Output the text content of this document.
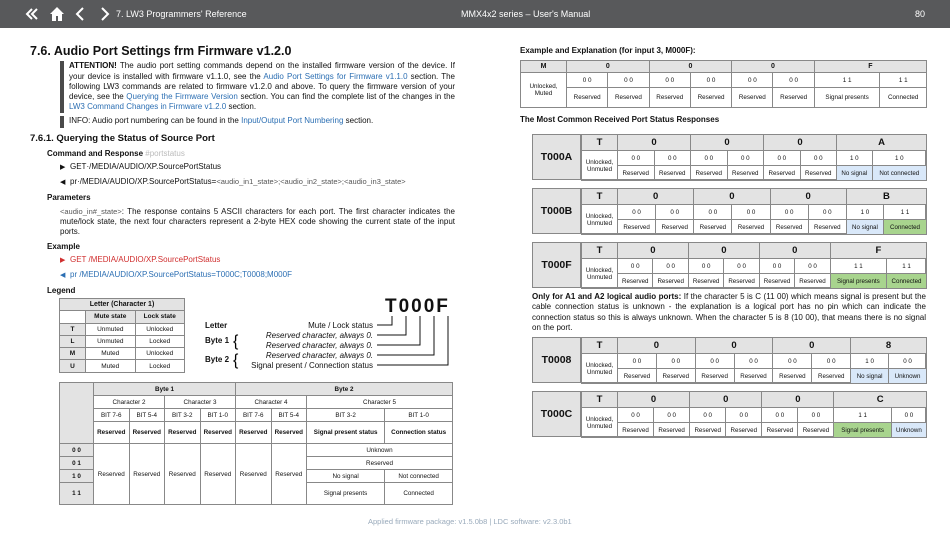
7. LW3 Programmers' Reference	MMX4x2 series – User's Manual	80
7.6. Audio Port Settings frm Firmware v1.2.0
ATTENTION! The audio port setting commands depend on the installed firmware version of the device. If your device is installed with firmware v1.1.0, see the Audio Port Settings for Firmware v1.1.0 section. The following LW3 commands are related to firmware v1.2.0 and above. To query the firmware version of your device, see the Querying the Firmware Version section. You can find the complete list of the changes in the LW3 Command Changes in Firmware v1.2.0 section.
INFO: Audio port numbering can be found in the Input/Output Port Numbering section.
7.6.1. Querying the Status of Source Port
Command and Response #portstatus
▶ GET·/MEDIA/AUDIO/XP.SourcePortStatus
◀ pr·/MEDIA/AUDIO/XP.SourcePortStatus=<audio_in1_state>;<audio_in2_state>;<audio_in3_state>
Parameters
<audio_in#_state>: The response contains 5 ASCII characters for each port. The first character indicates the mute/lock state, the next four characters represent a 2-byte HEX code showing the current state of the input ports.
Example
▶ GET /MEDIA/AUDIO/XP.SourcePortStatus
◀ pr /MEDIA/AUDIO/XP.SourcePortStatus=T000C;T0008;M000F
Legend
Letter (Character 1)		
	Mute state	Lock state
T	Unmuted	Unlocked
L	Unmuted	Locked
M	Muted	Unlocked
U	Muted	Locked
T000F
Letter
Byte 1
Byte 2
Mute / Lock status
Reserved character, always 0.
Reserved character, always 0.
Reserved character, always 0.
Signal present / Connection status
{
{
	Byte 1				Byte 2			
	Character 2		Character 3		Character 4		Character 5	
	BIT 7-6	BIT 5-4	BIT 3-2	BIT 1-0	BIT 7-6	BIT 5-4	BIT 3-2	BIT 1-0
	Reserved	Reserved	Reserved	Reserved	Reserved	Reserved	Signal present status	Connection status
0 0	Reserved	Reserved	Reserved	Reserved	Reserved	Reserved	Unknown	
0 1							Reserved	
1 0							No signal	Not connected
1 1							Signal presents	Connected
Example and Explanation (for input 3, M000F):
M	0		0		0		F	
Unlocked, Muted	0 0	0 0	0 0	0 0	0 0	0 0	1 1	1 1
	Reserved	Reserved	Reserved	Reserved	Reserved	Reserved	Signal presents	Connected
The Most Common Received Port Status Responses
T000A
T	0		0		0		A	
Unlocked, Unmuted	0 0	0 0	0 0	0 0	0 0	0 0	1 0	1 0
	Reserved	Reserved	Reserved	Reserved	Reserved	Reserved	No signal	Not connected
T000B
T	0		0		0		B	
Unlocked, Unmuted	0 0	0 0	0 0	0 0	0 0	0 0	1 0	1 1
	Reserved	Reserved	Reserved	Reserved	Reserved	Reserved	No signal	Connected
T000F
T	0		0		0		F	
Unlocked, Unmuted	0 0	0 0	0 0	0 0	0 0	0 0	1 1	1 1
	Reserved	Reserved	Reserved	Reserved	Reserved	Reserved	Signal presents	Connected
T0008
T	0		0		0		8	
Unlocked, Unmuted	0 0	0 0	0 0	0 0	0 0	0 0	1 0	0 0
	Reserved	Reserved	Reserved	Reserved	Reserved	Reserved	No signal	Unknown
T000C
T	0		0		0		C	
Unlocked, Unmuted	0 0	0 0	0 0	0 0	0 0	0 0	1 1	0 0
	Reserved	Reserved	Reserved	Reserved	Reserved	Reserved	Signal presents	Unknown
Only for A1 and A2 logical audio ports: If the character 5 is C (11 00) which means signal is present but the cable connection status is unknown - the explanation is a logical port has no pin which can indicate the connection status so this is always unknown. When the character 5 is 8 (10 00), that means there is no signal on the port.
Applied firmware package: v1.5.0b8 | LDC software: v2.3.0b1
